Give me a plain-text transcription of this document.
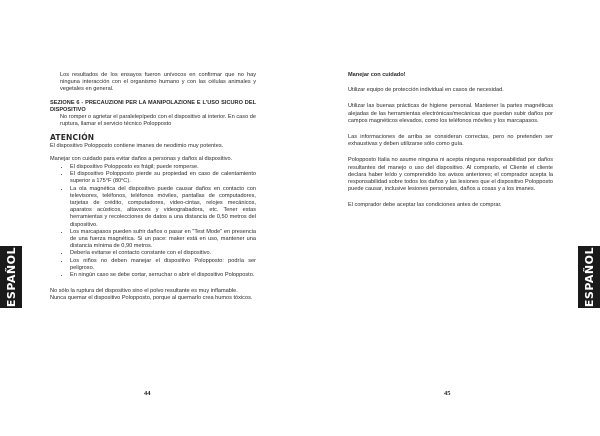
Los resultados de los ensayos fueron unívocos en confirmar que no hay ninguna interacción con el organismo humano y con las células animales y vegetales en general.

SEZIONE 6 - PRECAUZIONI PER LA MANIPOLAZIONE E L'USO SICURO DEL DISPOSITIVO

No romper o agrietar el paralelepípedo con el dispositivo al interior. En caso de ruptura, llamar el servicio técnico Polopposto

ATENCIÓN

El dispositivo Polopposto contiene imanes de neodimio muy potentes.

Manejar con cuidado para evitar daños a personas y daños al dispositivo.

• El dispositivo Polopposto es frágil; puede romperse.
• El dispositivo Polopposto pierde su propiedad en caso de calentamiento superior a 175°F (80°C).
• La ola magnética del dispositivo puede causar daños en contacto con televisores, teléfonos, teléfonos móviles, pantallas de computadores, tarjetas de crédito, computadores, video-cintas, relojes mecánicos, aparatos acústicos, altavoces y videograbadora, etc. Tener estas herramientas y recolecciones de datos a una distancia de 0,50 metros del dispositivo.
• Los marcapasos pueden sufrir daños o pasar en "Test Mode" en presencia de una fuerza magnética. Si un pace: maker está en uso, mantener una distancia mínima de 0,90 metros.
• Debería evitarse el contacto constante con el dispositivo.
• Los niños no deben manejar el dispositivo Polopposto: podría ser peligroso.
• En ningún caso se debe cortar, serruchar o abrir el dispositivo Polopposto.

No sólo la ruptura del dispositivo sino el polvo resultante es muy inflamable.

Nunca quemar el dispositivo Polopposto, porque al quemarlo crea humos tóxicos.

44
ESPAÑOL

Manejar con cuidado!

Utilizar equipo de protección individual en casos de necesidad.

Utilizar las buenas prácticas de higiene personal. Mantener la partes magnéticas alejadas de las herramientas electrónicas/mecánicas que puedan subir daños por campos magnéticos elevados, como los teléfonos móviles y los marcapasos.

Las informaciones de arriba se consideran correctas, pero no pretenden ser exhaustivas y deben utilizarse sólo como guía.

Polopposto Italia no asume ninguna ni acepta ninguna responsabilidad por daños resultantes del manejo o uso del dispositivo. Al comprarlo, el Cliente el cliente declara haber leído y comprendido los avisos anteriores; el comprador acepta la responsabilidad sobre todos los daños y las lesiones que el dispositivo Polopposto puede causar, inclusive lesiones personales, daños a cosas y a los imanes.

El comprador debe aceptar las condiciones antes de comprar.

45
ESPAÑOL
